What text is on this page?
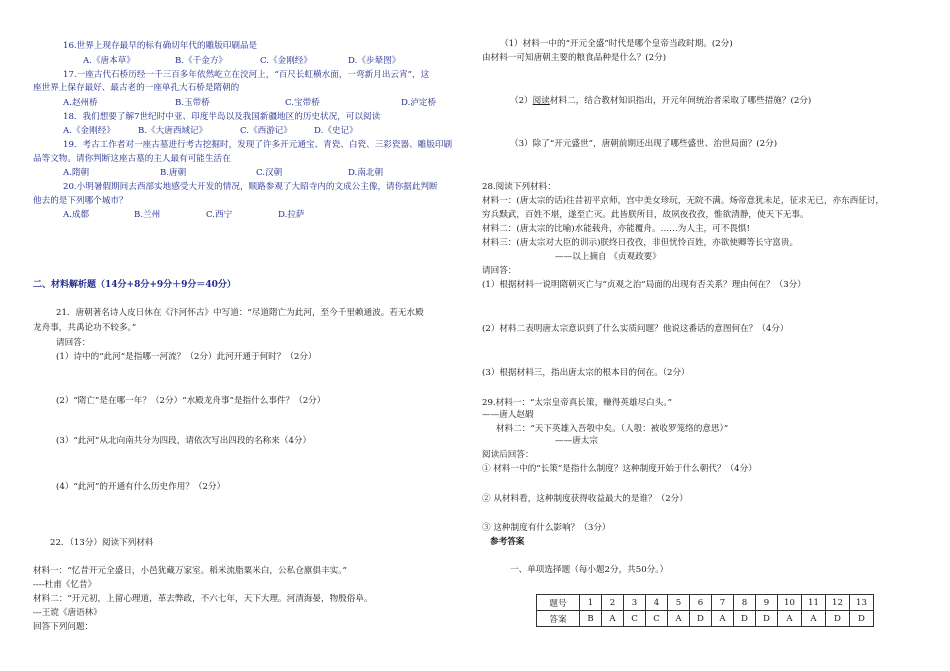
16.世界上现存最早的标有确切年代的雕版印刷品是
A.《唐本草》	B.《千金方》	C.《金刚经》	D.《步辇图》
17.一座古代石桥历经一千三百多年依然屹立在洨河上，“百尺长虹横水面，一弯新月出云宵”，这
座世界上保存最好、最古老的一座单孔大石桥是隋朝的
A.赵州桥	B.玉带桥	C.宝带桥	D.泸定桥
18．我们想要了解7世纪时中亚、印度半岛以及我国新疆地区的历史状况，可以阅读
A.《金刚经》	B.《大唐西域记》	C.《西游记》	D.《史记》
19．考古工作者对一座古墓进行考古挖掘时，发现了许多开元通宝、青瓷、白瓷、三彩瓷器、雕版印刷
品等文物。请你判断这座古墓的主人最有可能生活在
A.隋朝	B.唐朝	C.汉朝	D.南北朝
20.小明暑假期间去西部实地感受大开发的情况，顺路参观了大昭寺内的文成公主像，请你据此判断
他去的是下列哪个城市？
A.成都	B.兰州	C.西宁	D.拉萨
二、材料解析题（14分+8分+9分＋9分＝40分）
21．唐朝著名诗人皮日休在《汴河怀古》中写道：“尽道隋亡为此河，至今千里赖通波。若无水殿
龙舟事，共禹论功不较多。”
请回答：
(1）诗中的“此河”是指哪一河流？（2分）此河开通于何时？（2分）
(2）“隋亡”是在哪一年？（2分）“水殿龙舟事”是指什么事件？（2分）
(3）“此河”从北向南共分为四段，请依次写出四段的名称来（4分）
(4）“此河”的开通有什么历史作用？（2分）
22．（13分）阅读下列材料
材料一：“忆昔开元全盛日，小邑犹藏万家室。稻米流脂粟米白，公私仓廪俱丰实。”
----杜甫《忆昔》
材料二：“开元初，上留心理道，革去弊政，不六七年，天下大理。河清海晏，物殷俗阜。
---王谠《唐语林》
回答下列问题：
（1）材料一中的“开元全盛”时代是哪个皇帝当政时期。(2分)
由材料一可知唐朝主要的粮食品种是什么？(2分)
（2）阅读材料二，结合教材知识指出，开元年间统治者采取了哪些措施？(2分)
（3）除了“开元盛世”，唐朝前期还出现了哪些盛世、治世局面？(2分)
28.阅读下列材料：
材料一：(唐太宗的话)往昔初平京师，宫中美女珍玩，无院不满。炀帝意犹未足，征求无已，亦东西征讨，
穷兵黩武，百姓不堪，遂至亡灭。此皆朕所目，故夙夜孜孜，惟欲清静，使天下无事。
材料二：(唐太宗的比喻)水能载舟，亦能覆舟。……为人主，可不畏惧!
材料三：(唐太宗对大臣的训示)朕终日孜孜，非但忧怜百姓，亦欲使卿等长守富贵。
——以上摘自 《贞观政要》
请回答：
(1）根据材料一说明隋朝灭亡与“贞观之治”局面的出现有否关系？理由何在？（3分）
(2）材料二表明唐太宗意识到了什么实质问题？他说这番话的意图何在？（4分）
(3）根据材料三，指出唐太宗的根本目的何在。（2分）
29.材料一：“太宗皇帝真长策，赚得英雄尽白头。”
——唐人赵嘏
材料二：“天下英雄入吾彀中矣。（人彀：被收罗笼络的意思）”
——唐太宗
阅读后回答：
① 材料一中的“长策”是指什么制度？这种制度开始于什么朝代？（4分）
② 从材料看，这种制度获得收益最大的是谁？（2分）
③ 这种制度有什么影响？（3分）
参考答案
一、单项选择题（每小题2分，共50分。）
题号	1	2	3	4	5	6	7	8	9	10	11	12	13
答案	B	A	C	C	A	D	A	D	D	A	A	D	D
